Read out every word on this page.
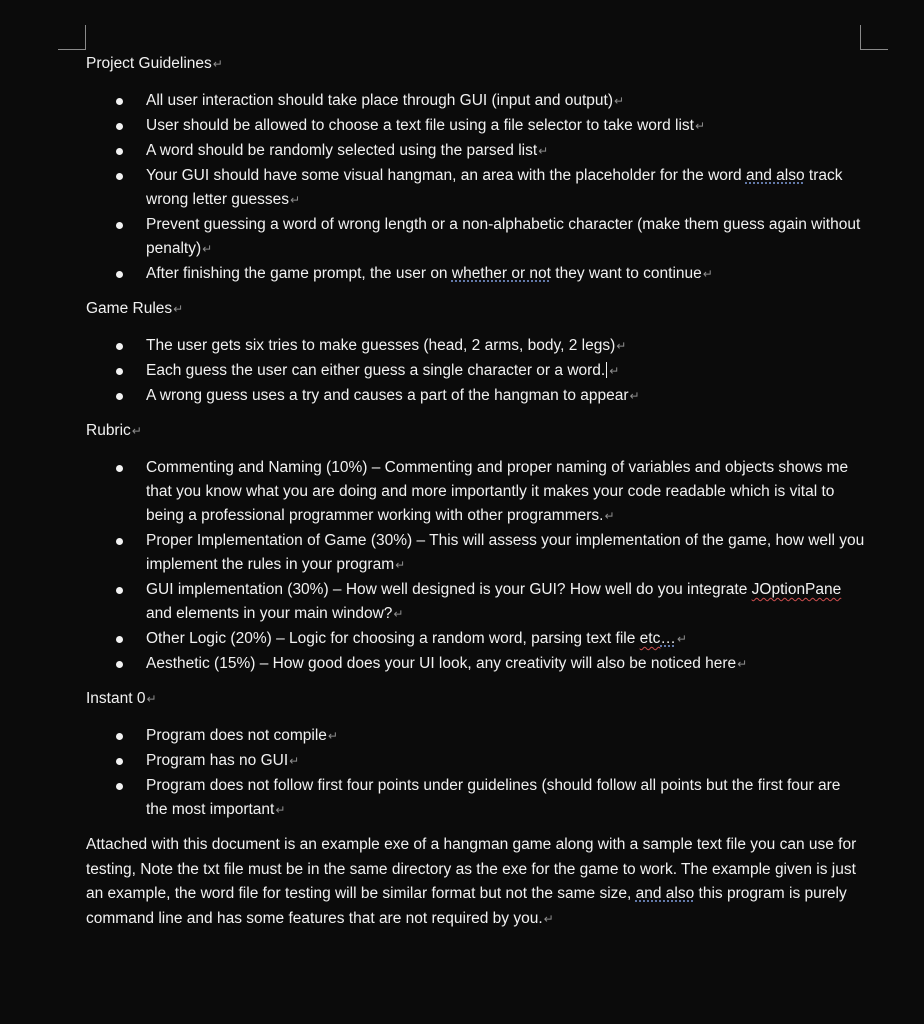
Project Guidelines↵
All user interaction should take place through GUI (input and output)↵
User should be allowed to choose a text file using a file selector to take word list↵
A word should be randomly selected using the parsed list↵
Your GUI should have some visual hangman, an area with the placeholder for the word and also track wrong letter guesses↵
Prevent guessing a word of wrong length or a non-alphabetic character (make them guess again without penalty)↵
After finishing the game prompt, the user on whether or not they want to continue↵
Game Rules↵
The user gets six tries to make guesses (head, 2 arms, body, 2 legs)↵
Each guess the user can either guess a single character or a word. ↵
A wrong guess uses a try and causes a part of the hangman to appear↵
Rubric↵
Commenting and Naming (10%) – Commenting and proper naming of variables and objects shows me that you know what you are doing and more importantly it makes your code readable which is vital to being a professional programmer working with other programmers.↵
Proper Implementation of Game (30%) – This will assess your implementation of the game, how well you implement the rules in your program↵
GUI implementation (30%) – How well designed is your GUI? How well do you integrate JOptionPane and elements in your main window?↵
Other Logic (20%) – Logic for choosing a random word, parsing text file etc…↵
Aesthetic (15%) – How good does your UI look, any creativity will also be noticed here↵
Instant 0↵
Program does not compile↵
Program has no GUI↵
Program does not follow first four points under guidelines (should follow all points but the first four are the most important↵
Attached with this document is an example exe of a hangman game along with a sample text file you can use for testing, Note the txt file must be in the same directory as the exe for the game to work. The example given is just an example, the word file for testing will be similar format but not the same size, and also this program is purely command line and has some features that are not required by you.↵
